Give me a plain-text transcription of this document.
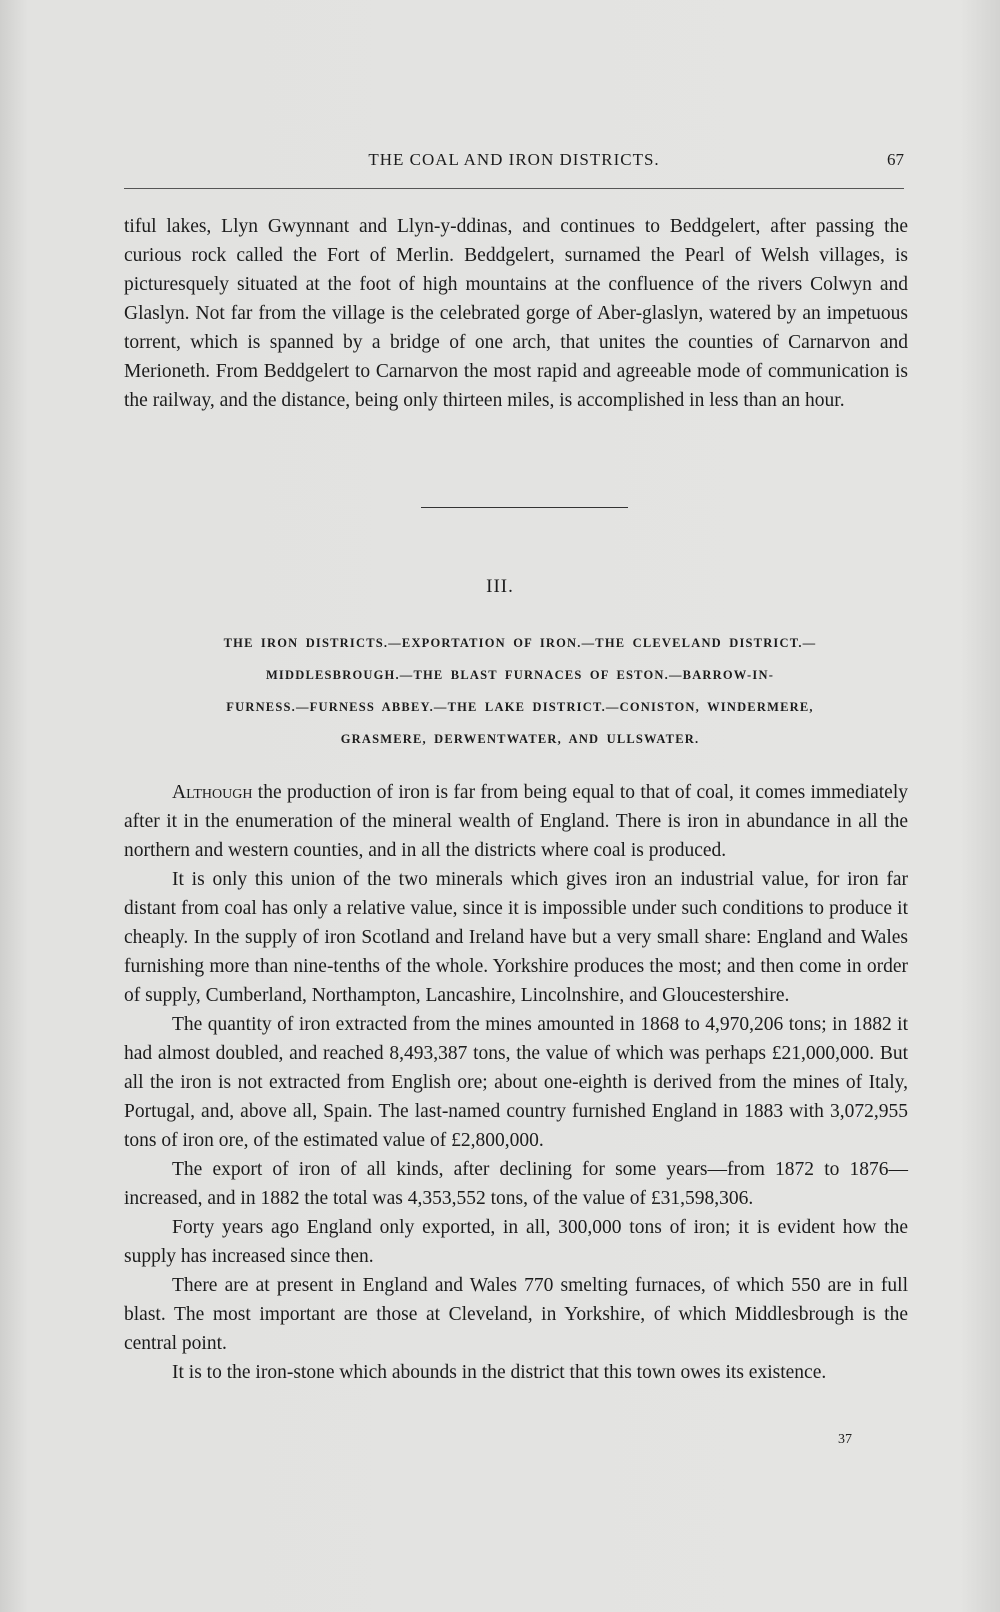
THE COAL AND IRON DISTRICTS.	67

tiful lakes, Llyn Gwynnant and Llyn-y-ddinas, and continues to Beddgelert, after passing the curious rock called the Fort of Merlin. Beddgelert, surnamed the Pearl of Welsh villages, is picturesquely situated at the foot of high mountains at the confluence of the rivers Colwyn and Glaslyn. Not far from the village is the celebrated gorge of Aber-glaslyn, watered by an impetuous torrent, which is spanned by a bridge of one arch, that unites the counties of Carnarvon and Merioneth. From Beddgelert to Carnarvon the most rapid and agreeable mode of communication is the railway, and the distance, being only thirteen miles, is accomplished in less than an hour.

III.
THE IRON DISTRICTS.—EXPORTATION OF IRON.—THE CLEVELAND DISTRICT.—
MIDDLESBROUGH.—THE BLAST FURNACES OF ESTON.—BARROW-IN-
FURNESS.—FURNESS ABBEY.—THE LAKE DISTRICT.—CONISTON, WINDERMERE,
GRASMERE, DERWENTWATER, AND ULLSWATER.

Although the production of iron is far from being equal to that of coal, it comes immediately after it in the enumeration of the mineral wealth of England. There is iron in abundance in all the northern and western counties, and in all the districts where coal is produced.

It is only this union of the two minerals which gives iron an industrial value, for iron far distant from coal has only a relative value, since it is impossible under such conditions to produce it cheaply. In the supply of iron Scotland and Ireland have but a very small share: England and Wales furnishing more than nine-tenths of the whole. Yorkshire produces the most; and then come in order of supply, Cumberland, Northampton, Lancashire, Lincolnshire, and Gloucestershire.

The quantity of iron extracted from the mines amounted in 1868 to 4,970,206 tons; in 1882 it had almost doubled, and reached 8,493,387 tons, the value of which was perhaps £21,000,000. But all the iron is not extracted from English ore; about one-eighth is derived from the mines of Italy, Portugal, and, above all, Spain. The last-named country furnished England in 1883 with 3,072,955 tons of iron ore, of the estimated value of £2,800,000.

The export of iron of all kinds, after declining for some years—from 1872 to 1876—increased, and in 1882 the total was 4,353,552 tons, of the value of £31,598,306.

Forty years ago England only exported, in all, 300,000 tons of iron; it is evident how the supply has increased since then.

There are at present in England and Wales 770 smelting furnaces, of which 550 are in full blast. The most important are those at Cleveland, in Yorkshire, of which Middlesbrough is the central point.

It is to the iron-stone which abounds in the district that this town owes its existence.

37
